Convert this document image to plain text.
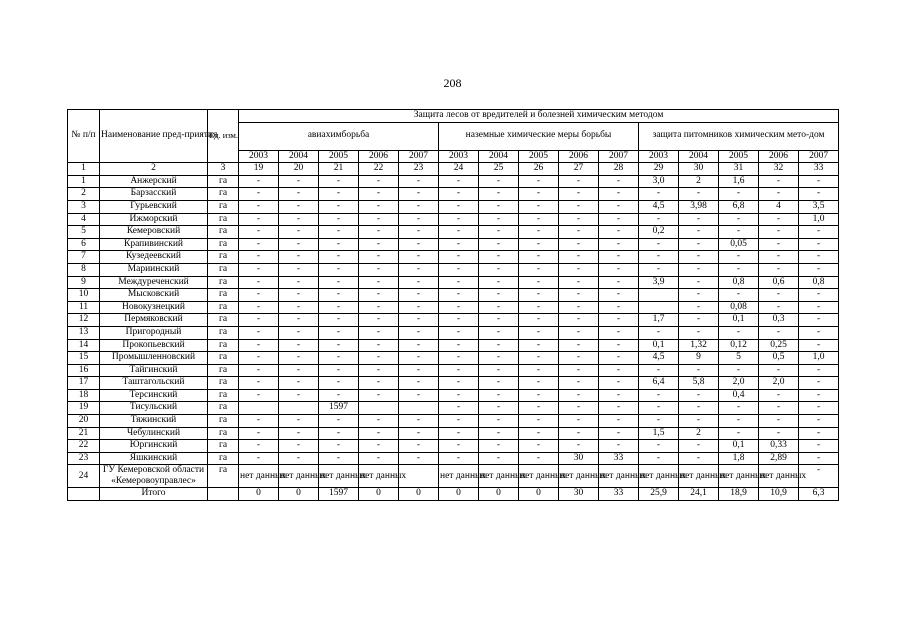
208
№ п/п	Наименование пред-приятия	Ед. изм.	Защита лесов от вредителей и болезней химическим методом														
			авиахимборьба					наземные химические меры борьбы					защита питомников химическим мето-дом				
			2003	2004	2005	2006	2007	2003	2004	2005	2006	2007	2003	2004	2005	2006	2007
1	2	3	19	20	21	22	23	24	25	26	27	28	29	30	31	32	33
1	Анжерский	га	-	-	-	-	-	-	-	-	-	-	3,0	2	1,6	-	-
2	Барзасский	га	-	-	-	-	-	-	-	-	-	-	-	-	-	-	-
3	Гурьевский	га	-	-	-	-	-	-	-	-	-	-	4,5	3,98	6,8	4	3,5
4	Ижморский	га	-	-	-	-	-	-	-	-	-	-	-	-	-	-	1,0
5	Кемеровский	га	-	-	-	-	-	-	-	-	-	-	0,2	-	-	-	-
6	Крапивинский	га	-	-	-	-	-	-	-	-	-	-	-	-	0,05	-	-
7	Кузедеевский	га	-	-	-	-	-	-	-	-	-	-	-	-	-	-	-
8	Мариинский	га	-	-	-	-	-	-	-	-	-	-	-	-	-	-	-
9	Междуреченский	га	-	-	-	-	-	-	-	-	-	-	3,9	-	0,8	0,6	0,8
10	Мысковский	га	-	-	-	-	-	-	-	-	-	-		-	-	-	-
11	Новокузнецкий	га	-	-	-	-	-	-	-	-	-	-		-	0,08	-	-
12	Пермяковский	га	-	-	-	-	-	-	-	-	-	-	1,7	-	0,1	0,3	-
13	Пригородный	га	-	-	-	-	-	-	-	-	-	-	-	-	-	-	-
14	Прокопьевский	га	-	-	-	-	-	-	-	-	-	-	0,1	1,32	0,12	0,25	-
15	Промышленновский	га	-	-	-	-	-	-	-	-	-	-	4,5	9	5	0,5	1,0
16	Тайгинский	га	-	-	-	-	-	-	-	-	-	-	-	-	-	-	-
17	Таштагольский	га	-	-	-	-	-	-	-	-	-	-	6,4	5,8	2,0	2,0	-
18	Терсинский	га	-	-	-	-	-	-	-	-	-	-	-	-	0,4	-	-
19	Тисульский	га			1597			-	-	-	-	-	-	-	-	-	-
20	Тяжинский	га	-	-	-	-	-	-	-	-	-	-	-	-	-	-	-
21	Чебулинский	га	-	-	-	-	-	-	-	-	-	-	1,5	2	-	-	-
22	Юргинский	га	-	-	-	-	-	-	-	-	-	-	-	-	0,1	0,33	-
23	Яшкинский	га	-	-	-	-	-	-	-	-	30	33	-	-	1,8	2,89	-
24	ГУ Кемеровской области «Кемеровоуправлес»	га	нет данных	нет данных	нет данных	нет данных		нет данных	нет данных	нет данных	нет данных	нет данных	нет данных	нет данных	нет данных	нет данных	-
	Итого		0	0	1597	0	0	0	0	0	30	33	25,9	24,1	18,9	10,9	6,3
